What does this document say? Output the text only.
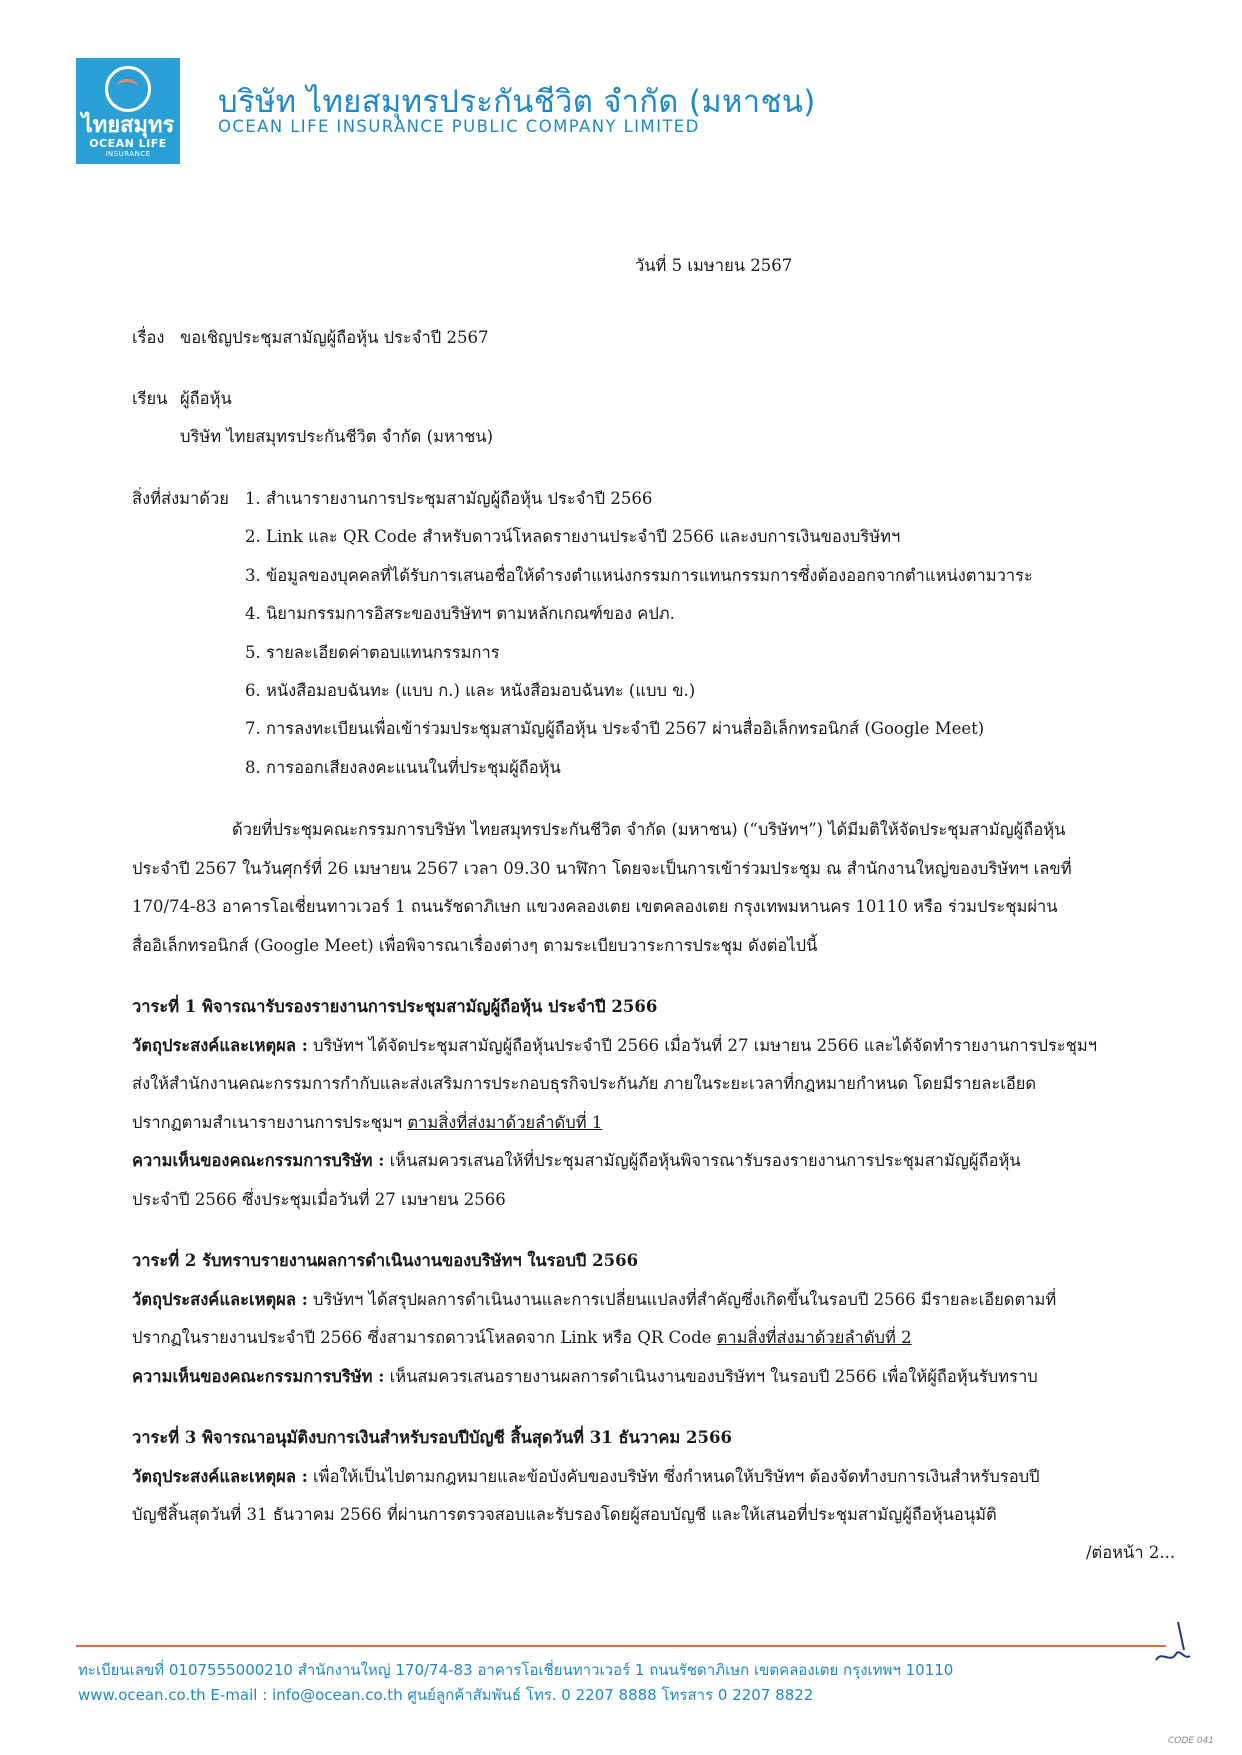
ไทยสมุทร
OCEAN LIFE
INSURANCE
บริษัท ไทยสมุทรประกันชีวิต จำกัด (มหาชน)
OCEAN LIFE INSURANCE PUBLIC COMPANY LIMITED
วันที่ 5 เมษายน 2567
เรื่อง ขอเชิญประชุมสามัญผู้ถือหุ้น ประจำปี 2567
เรียน ผู้ถือหุ้น
บริษัท ไทยสมุทรประกันชีวิต จำกัด (มหาชน)
สิ่งที่ส่งมาด้วย 1. สำเนารายงานการประชุมสามัญผู้ถือหุ้น ประจำปี 2566
2. Link และ QR Code สำหรับดาวน์โหลดรายงานประจำปี 2566 และงบการเงินของบริษัทฯ
3. ข้อมูลของบุคคลที่ได้รับการเสนอชื่อให้ดำรงตำแหน่งกรรมการแทนกรรมการซึ่งต้องออกจากตำแหน่งตามวาระ
4. นิยามกรรมการอิสระของบริษัทฯ ตามหลักเกณฑ์ของ คปภ.
5. รายละเอียดค่าตอบแทนกรรมการ
6. หนังสือมอบฉันทะ (แบบ ก.) และ หนังสือมอบฉันทะ (แบบ ข.)
7. การลงทะเบียนเพื่อเข้าร่วมประชุมสามัญผู้ถือหุ้น ประจำปี 2567 ผ่านสื่ออิเล็กทรอนิกส์ (Google Meet)
8. การออกเสียงลงคะแนนในที่ประชุมผู้ถือหุ้น
ด้วยที่ประชุมคณะกรรมการบริษัท ไทยสมุทรประกันชีวิต จำกัด (มหาชน) (“บริษัทฯ”) ได้มีมติให้จัดประชุมสามัญผู้ถือหุ้น
ประจำปี 2567 ในวันศุกร์ที่ 26 เมษายน 2567 เวลา 09.30 นาฬิกา โดยจะเป็นการเข้าร่วมประชุม ณ สำนักงานใหญ่ของบริษัทฯ เลขที่
170/74-83 อาคารโอเชี่ยนทาวเวอร์ 1 ถนนรัชดาภิเษก แขวงคลองเตย เขตคลองเตย กรุงเทพมหานคร 10110 หรือ ร่วมประชุมผ่าน
สื่ออิเล็กทรอนิกส์ (Google Meet) เพื่อพิจารณาเรื่องต่างๆ ตามระเบียบวาระการประชุม ดังต่อไปนี้
วาระที่ 1 พิจารณารับรองรายงานการประชุมสามัญผู้ถือหุ้น ประจำปี 2566
วัตถุประสงค์และเหตุผล : บริษัทฯ ได้จัดประชุมสามัญผู้ถือหุ้นประจำปี 2566 เมื่อวันที่ 27 เมษายน 2566 และได้จัดทำรายงานการประชุมฯ
ส่งให้สำนักงานคณะกรรมการกำกับและส่งเสริมการประกอบธุรกิจประกันภัย ภายในระยะเวลาที่กฎหมายกำหนด โดยมีรายละเอียด
ปรากฏตามสำเนารายงานการประชุมฯ ตามสิ่งที่ส่งมาด้วยลำดับที่ 1
ความเห็นของคณะกรรมการบริษัท : เห็นสมควรเสนอให้ที่ประชุมสามัญผู้ถือหุ้นพิจารณารับรองรายงานการประชุมสามัญผู้ถือหุ้น
ประจำปี 2566 ซึ่งประชุมเมื่อวันที่ 27 เมษายน 2566
วาระที่ 2 รับทราบรายงานผลการดำเนินงานของบริษัทฯ ในรอบปี 2566
วัตถุประสงค์และเหตุผล : บริษัทฯ ได้สรุปผลการดำเนินงานและการเปลี่ยนแปลงที่สำคัญซึ่งเกิดขึ้นในรอบปี 2566 มีรายละเอียดตามที่
ปรากฏในรายงานประจำปี 2566 ซึ่งสามารถดาวน์โหลดจาก Link หรือ QR Code ตามสิ่งที่ส่งมาด้วยลำดับที่ 2
ความเห็นของคณะกรรมการบริษัท : เห็นสมควรเสนอรายงานผลการดำเนินงานของบริษัทฯ ในรอบปี 2566 เพื่อให้ผู้ถือหุ้นรับทราบ
วาระที่ 3 พิจารณาอนุมัติงบการเงินสำหรับรอบปีบัญชี สิ้นสุดวันที่ 31 ธันวาคม 2566
วัตถุประสงค์และเหตุผล : เพื่อให้เป็นไปตามกฎหมายและข้อบังคับของบริษัท ซึ่งกำหนดให้บริษัทฯ ต้องจัดทำงบการเงินสำหรับรอบปี
บัญชีสิ้นสุดวันที่ 31 ธันวาคม 2566 ที่ผ่านการตรวจสอบและรับรองโดยผู้สอบบัญชี และให้เสนอที่ประชุมสามัญผู้ถือหุ้นอนุมัติ
/ต่อหน้า 2...
ทะเบียนเลขที่ 0107555000210 สำนักงานใหญ่ 170/74-83 อาคารโอเชี่ยนทาวเวอร์ 1 ถนนรัชดาภิเษก เขตคลองเตย กรุงเทพฯ 10110
www.ocean.co.th E-mail : info@ocean.co.th ศูนย์ลูกค้าสัมพันธ์ โทร. 0 2207 8888 โทรสาร 0 2207 8822
CODE 041
